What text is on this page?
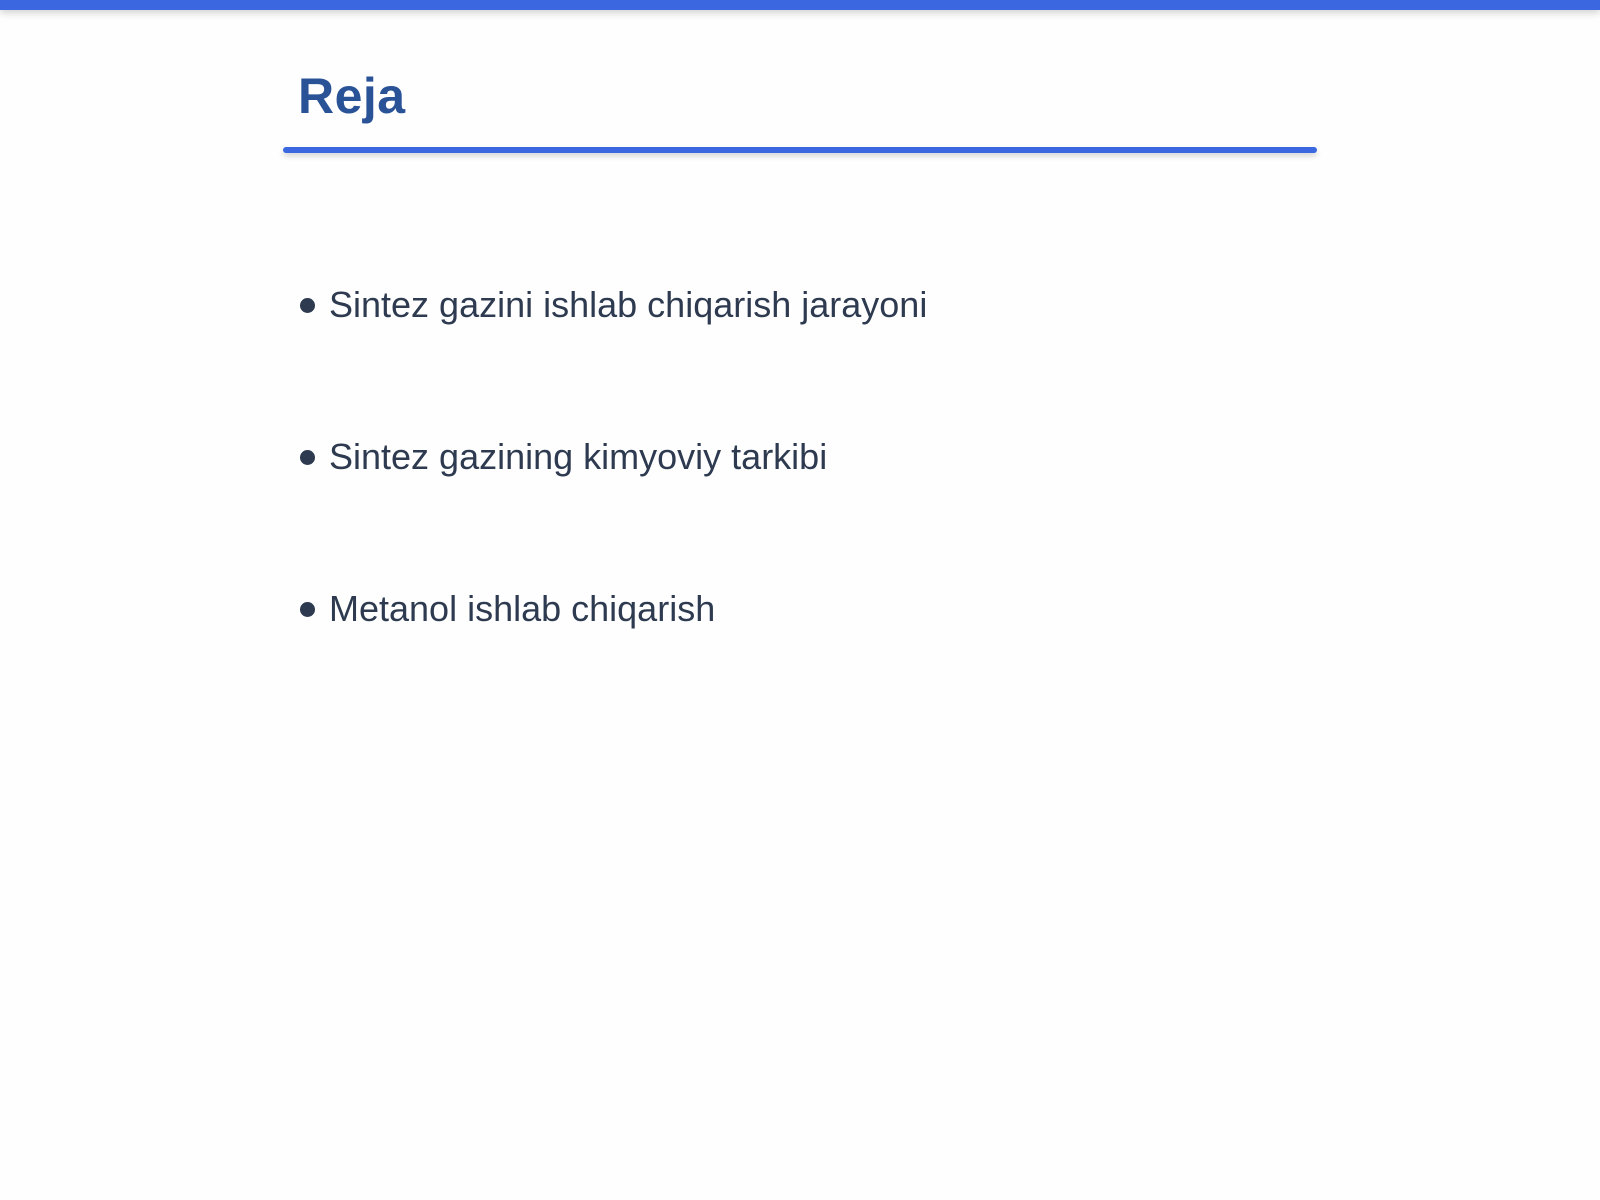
Reja
Sintez gazini ishlab chiqarish jarayoni
Sintez gazining kimyoviy tarkibi
Metanol ishlab chiqarish
